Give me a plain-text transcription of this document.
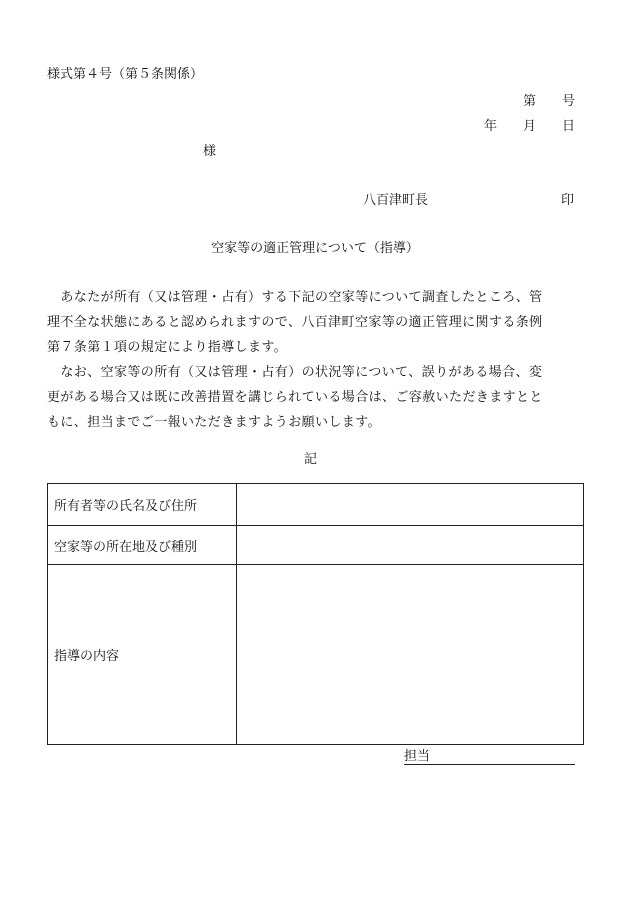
様式第４号（第５条関係）
第　　号
年　　月　　日
様
八百津町長	印
空家等の適正管理について（指導）
　あなたが所有（又は管理・占有）する下記の空家等について調査したところ、管
理不全な状態にあると認められますので、八百津町空家等の適正管理に関する条例
第７条第１項の規定により指導します。
　なお、空家等の所有（又は管理・占有）の状況等について、誤りがある場合、変
更がある場合又は既に改善措置を講じられている場合は、ご容赦いただきますとと
もに、担当までご一報いただきますようお願いします。
記
所有者等の氏名及び住所	
空家等の所在地及び種別	
指導の内容	
担当
